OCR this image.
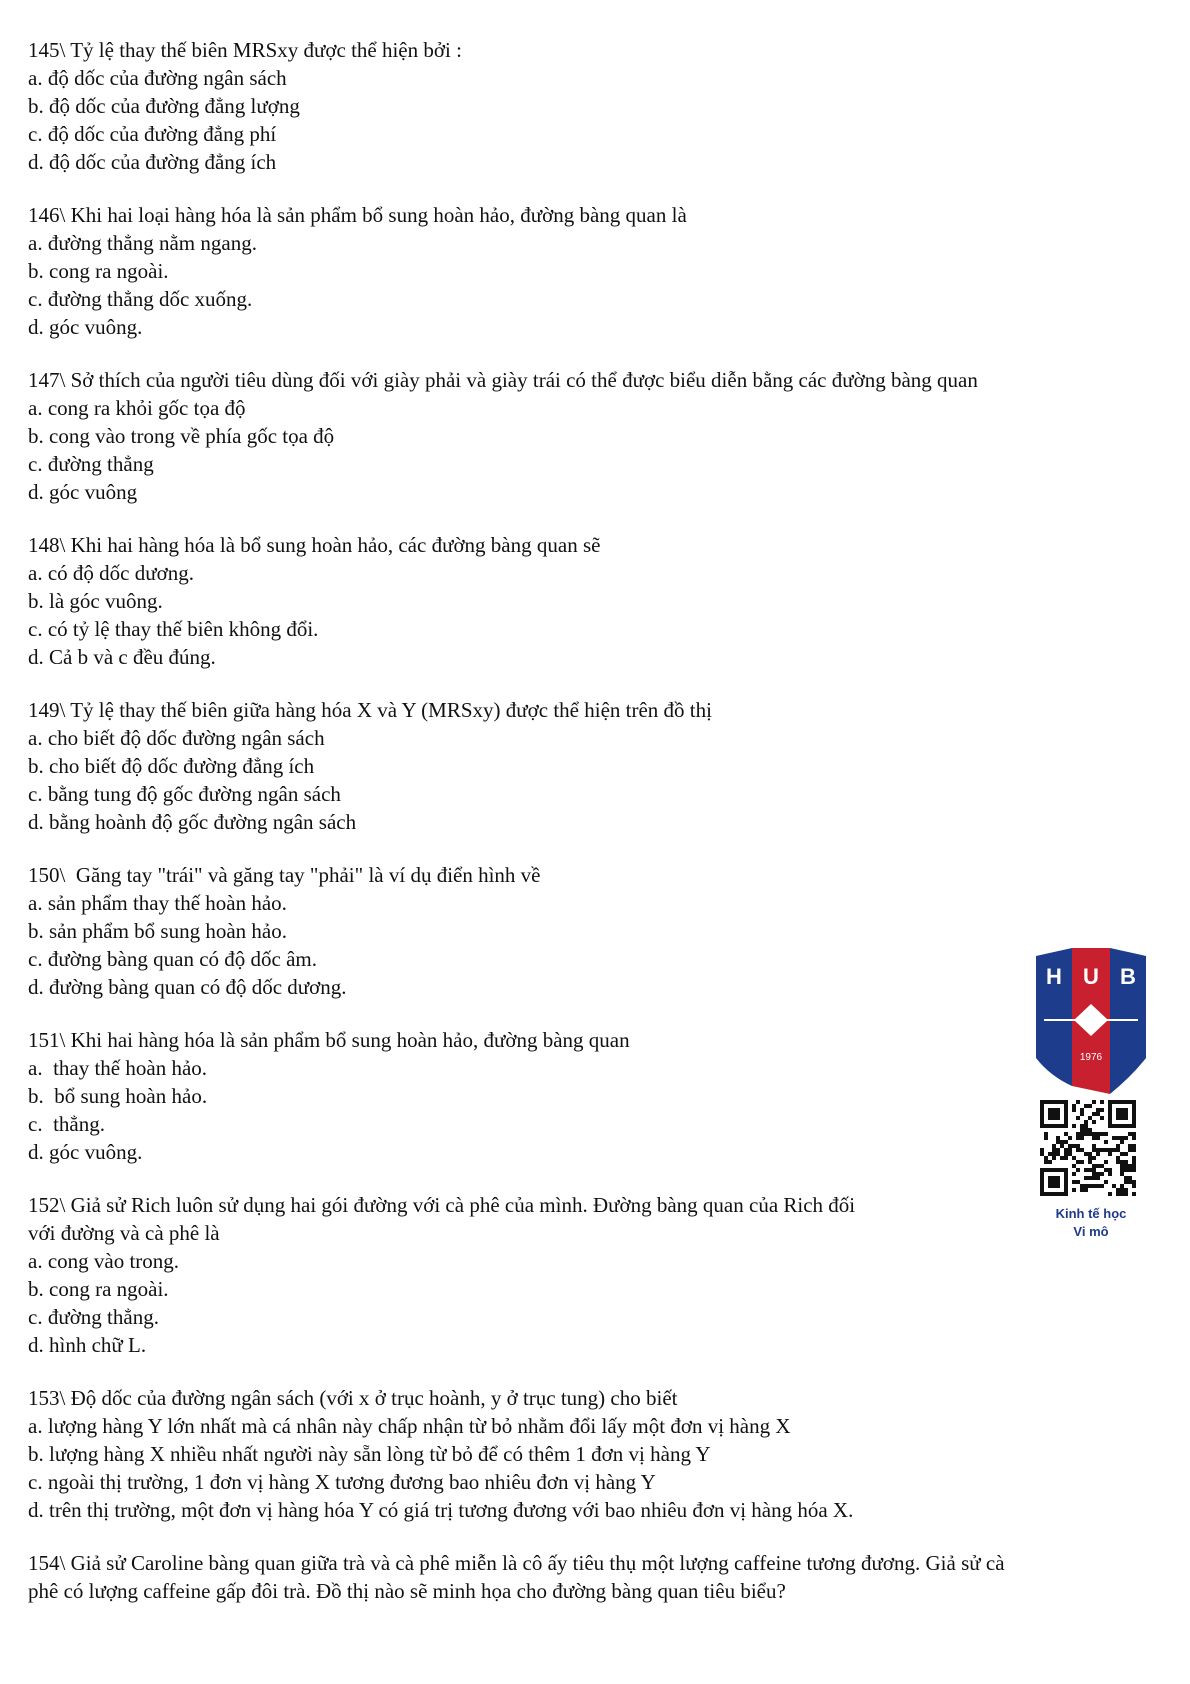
145\ Tỷ lệ thay thế biên MRSxy được thể hiện bởi :

a. độ dốc của đường ngân sách

b. độ dốc của đường đẳng lượng

c. độ dốc của đường đẳng phí

d. độ dốc của đường đẳng ích

146\ Khi hai loại hàng hóa là sản phẩm bổ sung hoàn hảo, đường bàng quan là

a. đường thẳng nằm ngang.

b. cong ra ngoài.

c. đường thẳng dốc xuống.

d. góc vuông.

147\ Sở thích của người tiêu dùng đối với giày phải và giày trái có thể được biểu diễn bằng các đường bàng quan

a. cong ra khỏi gốc tọa độ

b. cong vào trong về phía gốc tọa độ

c. đường thẳng

d. góc vuông

148\ Khi hai hàng hóa là bổ sung hoàn hảo, các đường bàng quan sẽ

a. có độ dốc dương.

b. là góc vuông.

c. có tỷ lệ thay thế biên không đổi.

d. Cả b và c đều đúng.

149\ Tỷ lệ thay thế biên giữa hàng hóa X và Y (MRSxy) được thể hiện trên đồ thị

a. cho biết độ dốc đường ngân sách

b. cho biết độ dốc đường đẳng ích

c. bằng tung độ gốc đường ngân sách

d. bằng hoành độ gốc đường ngân sách

150\  Găng tay "trái" và găng tay "phải" là ví dụ điển hình về

a. sản phẩm thay thế hoàn hảo.

b. sản phẩm bổ sung hoàn hảo.

c. đường bàng quan có độ dốc âm.

d. đường bàng quan có độ dốc dương.

151\ Khi hai hàng hóa là sản phẩm bổ sung hoàn hảo, đường bàng quan

a.  thay thế hoàn hảo.

b.  bổ sung hoàn hảo.

c.  thẳng.

d. góc vuông.

152\ Giả sử Rich luôn sử dụng hai gói đường với cà phê của mình. Đường bàng quan của Rich đối

với đường và cà phê là

a. cong vào trong.

b. cong ra ngoài.

c. đường thẳng.

d. hình chữ L.

153\ Độ dốc của đường ngân sách (với x ở trục hoành, y ở trục tung) cho biết

a. lượng hàng Y lớn nhất mà cá nhân này chấp nhận từ bỏ nhằm đổi lấy một đơn vị hàng X

b. lượng hàng X nhiều nhất người này sẵn lòng từ bỏ để có thêm 1 đơn vị hàng Y

c. ngoài thị trường, 1 đơn vị hàng X tương đương bao nhiêu đơn vị hàng Y

d. trên thị trường, một đơn vị hàng hóa Y có giá trị tương đương với bao nhiêu đơn vị hàng hóa X.

154\ Giả sử Caroline bàng quan giữa trà và cà phê miễn là cô ấy tiêu thụ một lượng caffeine tương đương. Giả sử cà

phê có lượng caffeine gấp đôi trà. Đồ thị nào sẽ minh họa cho đường bàng quan tiêu biểu?

H U B
1976
Kinh tế học
Vi mô
